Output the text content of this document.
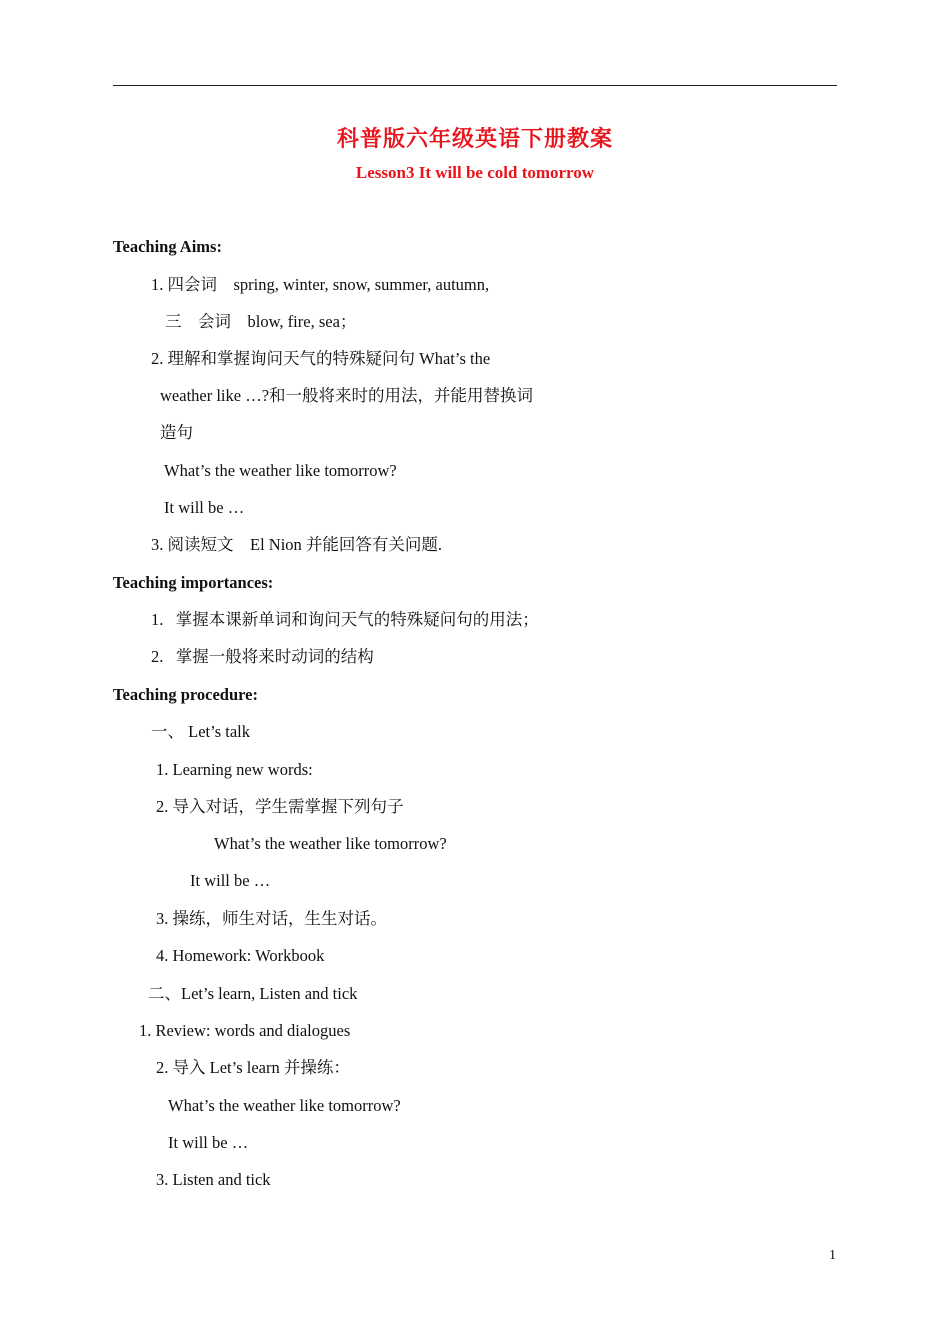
科普版六年级英语下册教案
Lesson3 It will be cold tomorrow
Teaching Aims:
1. 四会词　spring, winter, snow, summer, autumn,
三　会词　blow, fire, sea；
2. 理解和掌握询问天气的特殊疑问句 What’s the
weather like …?和一般将来时的用法，并能用替换词
造句
What’s the weather like tomorrow?
It will be …
3. 阅读短文　El Nion 并能回答有关问题.
Teaching importances:
1.  掌握本课新单词和询问天气的特殊疑问句的用法；
2.  掌握一般将来时动词的结构
Teaching procedure:
一、 Let’s talk
1. Learning new words:
2. 导入对话，学生需掌握下列句子
What’s the weather like tomorrow?
It will be …
3. 操练，师生对话，生生对话。
4. Homework: Workbook
二、Let’s learn, Listen and tick
1. Review: words and dialogues
2. 导入 Let’s learn 并操练：
What’s the weather like tomorrow?
It will be …
3. Listen and tick
1
